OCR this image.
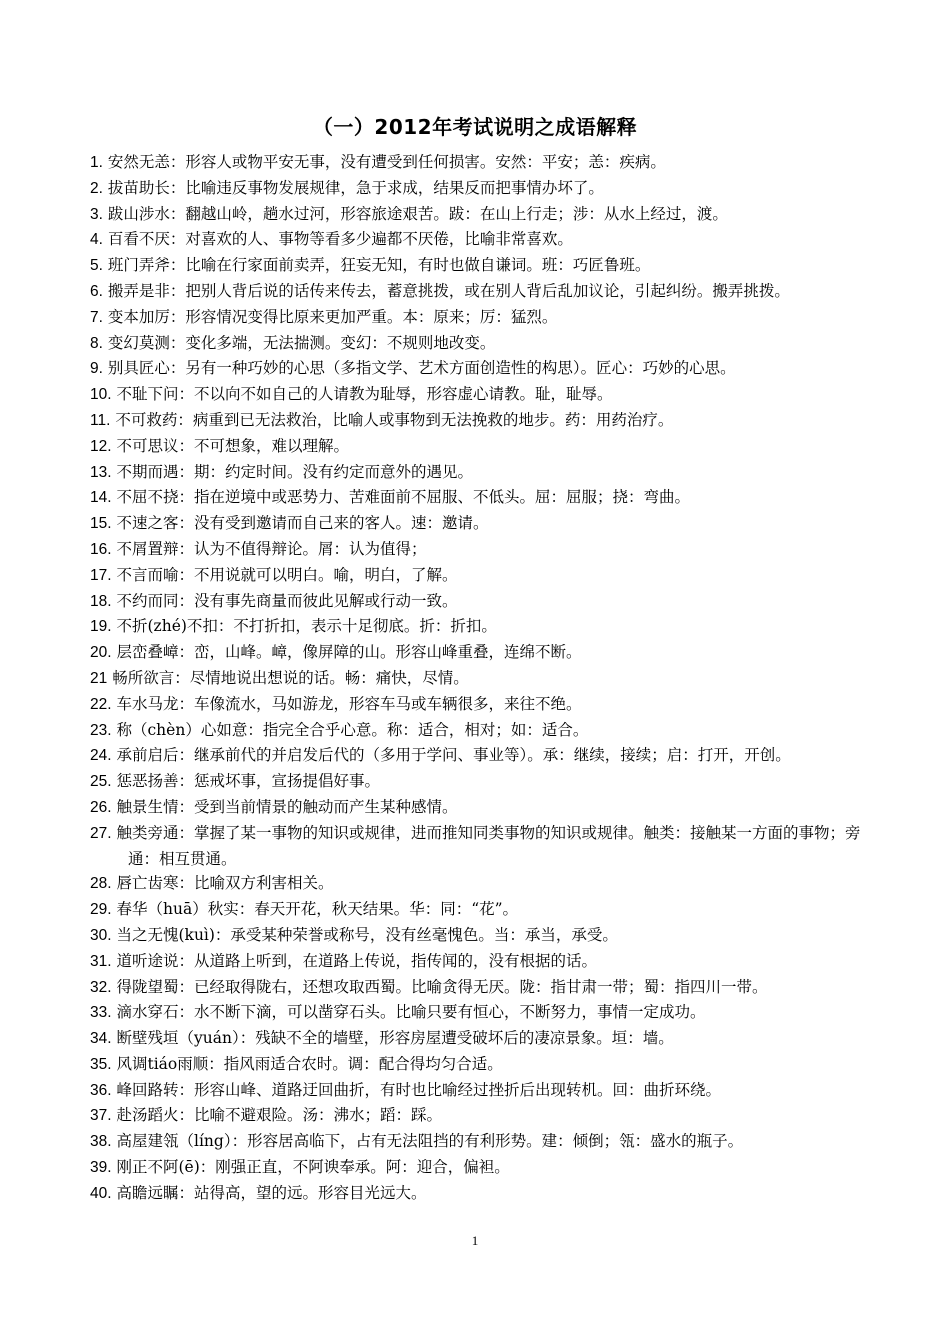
（一）2012年考试说明之成语解释

1. 安然无恙：形容人或物平安无事，没有遭受到任何损害。安然：平安；恙：疾病。

2. 拔苗助长：比喻违反事物发展规律，急于求成，结果反而把事情办坏了。

3. 跋山涉水：翻越山岭，趟水过河，形容旅途艰苦。跋：在山上行走；涉：从水上经过，渡。

4. 百看不厌：对喜欢的人、事物等看多少遍都不厌倦，比喻非常喜欢。

5. 班门弄斧：比喻在行家面前卖弄，狂妄无知，有时也做自谦词。班：巧匠鲁班。

6. 搬弄是非：把别人背后说的话传来传去，蓄意挑拨，或在别人背后乱加议论，引起纠纷。搬弄挑拨。

7. 变本加厉：形容情况变得比原来更加严重。本：原来；厉：猛烈。

8. 变幻莫测：变化多端，无法揣测。变幻：不规则地改变。

9. 别具匠心：另有一种巧妙的心思（多指文学、艺术方面创造性的构思）。匠心：巧妙的心思。

10. 不耻下问：不以向不如自己的人请教为耻辱，形容虚心请教。耻，耻辱。

11. 不可救药：病重到已无法救治，比喻人或事物到无法挽救的地步。药：用药治疗。

12. 不可思议：不可想象，难以理解。

13. 不期而遇：期：约定时间。没有约定而意外的遇见。

14. 不屈不挠：指在逆境中或恶势力、苦难面前不屈服、不低头。屈：屈服；挠：弯曲。

15. 不速之客：没有受到邀请而自己来的客人。速：邀请。

16. 不屑置辩：认为不值得辩论。屑：认为值得；

17. 不言而喻：不用说就可以明白。喻，明白，了解。

18. 不约而同：没有事先商量而彼此见解或行动一致。

19. 不折(zhé)不扣：不打折扣，表示十足彻底。折：折扣。

20. 层峦叠嶂：峦，山峰。嶂，像屏障的山。形容山峰重叠，连绵不断。

21 畅所欲言：尽情地说出想说的话。畅：痛快，尽情。

22. 车水马龙：车像流水，马如游龙，形容车马或车辆很多，来往不绝。

23. 称（chèn）心如意：指完全合乎心意。称：适合，相对；如：适合。

24. 承前启后：继承前代的并启发后代的（多用于学问、事业等）。承：继续，接续；启：打开，开创。

25. 惩恶扬善：惩戒坏事，宣扬提倡好事。

26. 触景生情：受到当前情景的触动而产生某种感情。

27. 触类旁通：掌握了某一事物的知识或规律，进而推知同类事物的知识或规律。触类：接触某一方面的事物；旁通：相互贯通。

28. 唇亡齿寒：比喻双方利害相关。

29. 春华（huā）秋实：春天开花，秋天结果。华：同：“花”。

30. 当之无愧(kuì)：承受某种荣誉或称号，没有丝毫愧色。当：承当，承受。

31. 道听途说：从道路上听到，在道路上传说，指传闻的，没有根据的话。

32. 得陇望蜀：已经取得陇右，还想攻取西蜀。比喻贪得无厌。陇：指甘肃一带；蜀：指四川一带。

33. 滴水穿石：水不断下滴，可以凿穿石头。比喻只要有恒心，不断努力，事情一定成功。

34. 断壁残垣（yuán）：残缺不全的墙壁，形容房屋遭受破坏后的凄凉景象。垣：墙。

35. 风调tiáo雨顺：指风雨适合农时。调：配合得均匀合适。

36. 峰回路转：形容山峰、道路迂回曲折，有时也比喻经过挫折后出现转机。回：曲折环绕。

37. 赴汤蹈火：比喻不避艰险。汤：沸水；蹈：踩。

38. 高屋建瓴（líng）：形容居高临下，占有无法阻挡的有利形势。建：倾倒；瓴：盛水的瓶子。

39. 刚正不阿(ē)：刚强正直，不阿谀奉承。阿：迎合，偏袒。

40. 高瞻远瞩：站得高，望的远。形容目光远大。

1
